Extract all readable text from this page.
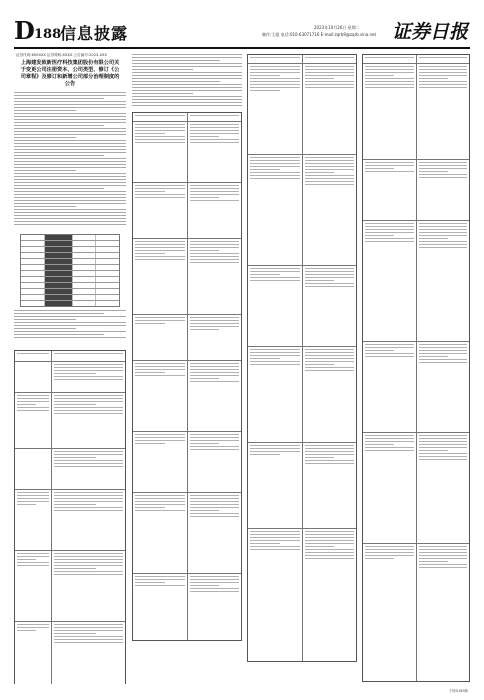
D 188
信息披露	2023年10月26日 星期二
制作:王超 电话:010-63071716 E-mail:zqrb9@zqrb.sina.net 证券日报
证券代码:600XXX 证券简称:XXXX 公告编号:2023-XXX
上海建发致新医疗科技集团股份有限公司关于变更公司注册资本、公司类型、修订《公司章程》及修订和新增公司部分治理制度的公告
下转D189版
